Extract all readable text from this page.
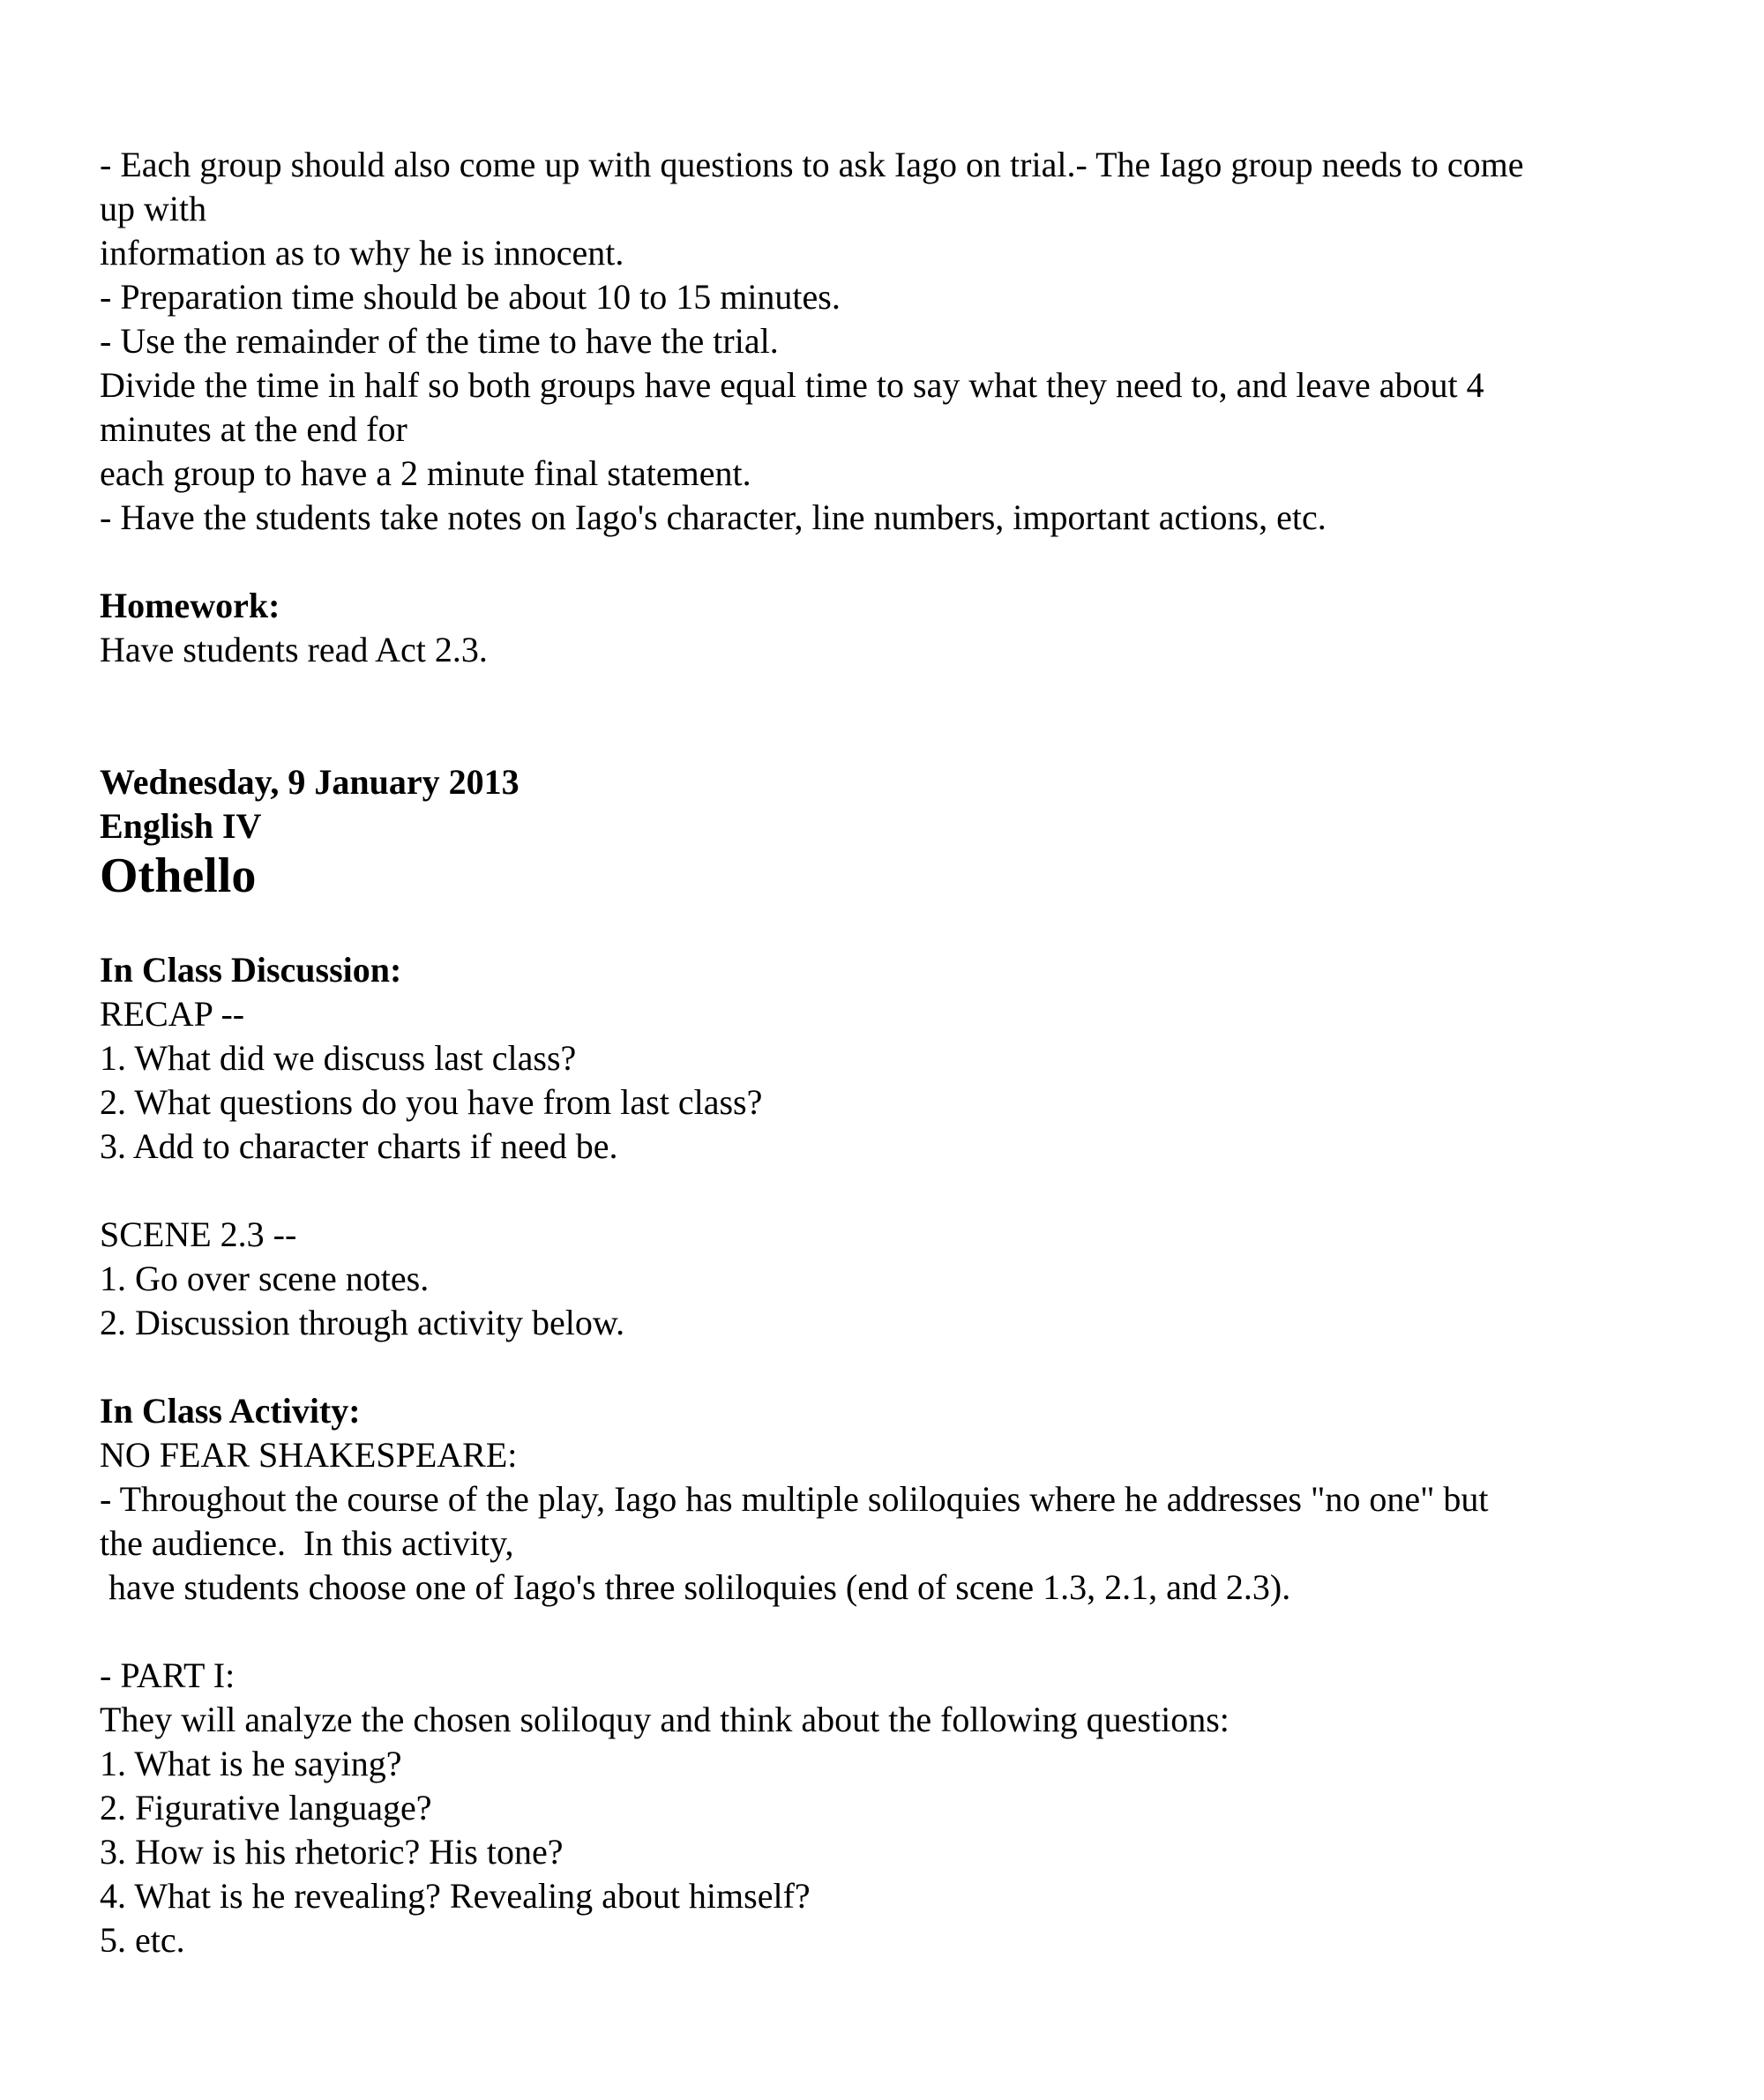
- Each group should also come up with questions to ask Iago on trial.- The Iago group needs to come
up with
information as to why he is innocent.
- Preparation time should be about 10 to 15 minutes.
- Use the remainder of the time to have the trial.
Divide the time in half so both groups have equal time to say what they need to, and leave about 4
minutes at the end for
each group to have a 2 minute final statement.
- Have the students take notes on Iago's character, line numbers, important actions, etc.
Homework:
Have students read Act 2.3.
Wednesday, 9 January 2013
English IV
Othello
In Class Discussion:
RECAP --
1. What did we discuss last class?
2. What questions do you have from last class?
3. Add to character charts if need be.
SCENE 2.3 --
1. Go over scene notes.
2. Discussion through activity below.
In Class Activity:
NO FEAR SHAKESPEARE:
- Throughout the course of the play, Iago has multiple soliloquies where he addresses "no one" but
the audience.  In this activity,
have students choose one of Iago's three soliloquies (end of scene 1.3, 2.1, and 2.3).
- PART I:
They will analyze the chosen soliloquy and think about the following questions:
1. What is he saying?
2. Figurative language?
3. How is his rhetoric? His tone?
4. What is he revealing? Revealing about himself?
5. etc.
